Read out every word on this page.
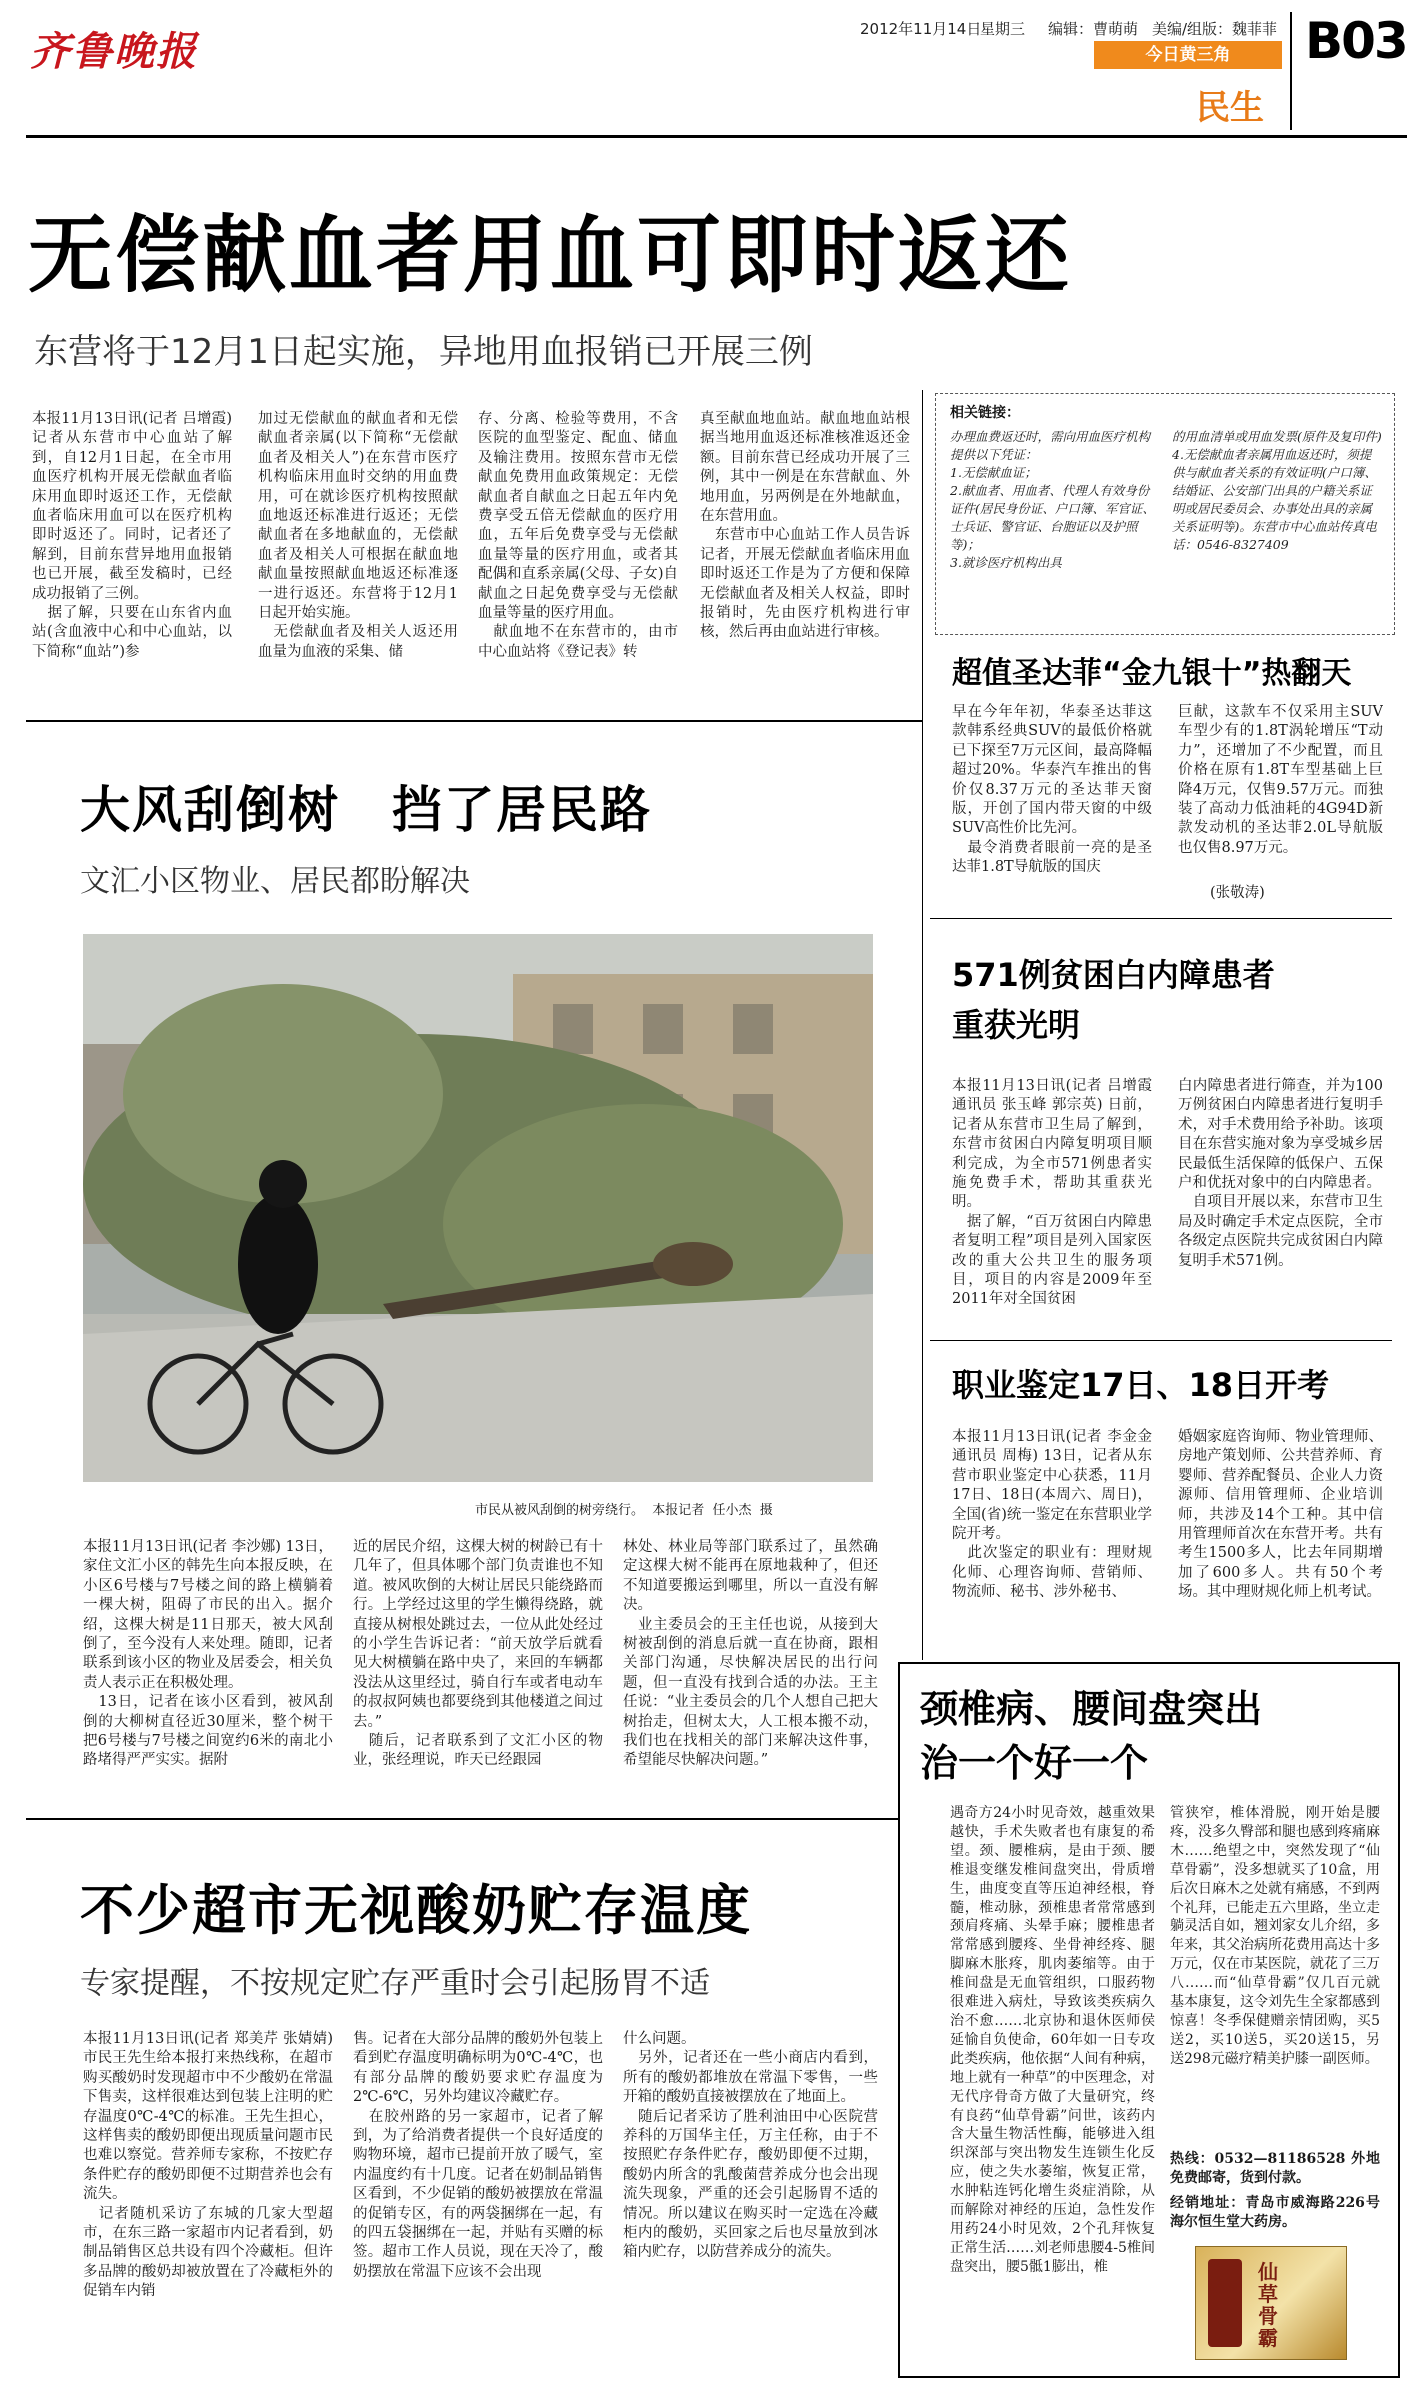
齐鲁晚报	2012年11月14日
星期三 编辑：曹萌萌 美编/组版：魏菲菲
今日黄三角
民生
B03
无偿献血者用血可即时返还
东营将于12月1日起实施，异地用血报销已开展三例
本报11月13日讯(记者 吕增霞) 记者从东营市中心血站了解到，自12月1日起，在全市用血医疗机构开展无偿献血者临床用血即时返还工作，无偿献血者临床用血可以在医疗机构即时返还了。同时，记者还了解到，目前东营异地用血报销也已开展，截至发稿时，已经成功报销了三例。
　据了解，只要在山东省内血站(含血液中心和中心血站，以下简称“血站”)参
加过无偿献血的献血者和无偿献血者亲属(以下简称“无偿献血者及相关人”)在东营市医疗机构临床用血时交纳的用血费用，可在就诊医疗机构按照献血地返还标准进行返还；无偿献血者在多地献血的，无偿献血者及相关人可根据在献血地献血量按照献血地返还标准逐一进行返还。东营将于12月1日起开始实施。
　无偿献血者及相关人返还用血量为血液的采集、储
存、分离、检验等费用，不含医院的血型鉴定、配血、储血及输注费用。按照东营市无偿献血免费用血政策规定：无偿献血者自献血之日起五年内免费享受五倍无偿献血的医疗用血，五年后免费享受与无偿献血量等量的医疗用血，或者其配偶和直系亲属(父母、子女)自献血之日起免费享受与无偿献血量等量的医疗用血。
　献血地不在东营市的，由市中心血站将《登记表》转
真至献血地血站。献血地血站根据当地用血返还标准核准返还金额。目前东营已经成功开展了三例，其中一例是在东营献血、外地用血，另两例是在外地献血，在东营用血。
　东营市中心血站工作人员告诉记者，开展无偿献血者临床用血即时返还工作是为了方便和保障无偿献血者及相关人权益，即时报销时，先由医疗机构进行审核，然后再由血站进行审核。
相关链接：
办理血费返还时，需向用血医疗机构提供以下凭证：
1.无偿献血证；
2.献血者、用血者、代理人有效身份证件(居民身份证、户口簿、军官证、士兵证、警官证、台胞证以及护照等)；
3.就诊医疗机构出具
的用血清单或用血发票(原件及复印件)
4.无偿献血者亲属用血返还时，须提供与献血者关系的有效证明(户口簿、结婚证、公安部门出具的户籍关系证明或居民委员会、办事处出具的亲属关系证明等)。东营市中心血站传真电话：0546-8327409
大风刮倒树　挡了居民路
文汇小区物业、居民都盼解决
市民从被风刮倒的树旁绕行。  本报记者  任小杰  摄
本报11月13日讯(记者 李沙娜) 13日，家住文汇小区的韩先生向本报反映，在小区6号楼与7号楼之间的路上横躺着一棵大树，阻碍了市民的出入。据介绍，这棵大树是11日那天，被大风刮倒了，至今没有人来处理。随即，记者联系到该小区的物业及居委会，相关负责人表示正在积极处理。
　13日，记者在该小区看到，被风刮倒的大柳树直径近30厘米，整个树干把6号楼与7号楼之间宽约6米的南北小路堵得严严实实。据附
近的居民介绍，这棵大树的树龄已有十几年了，但具体哪个部门负责谁也不知道。被风吹倒的大树让居民只能绕路而行。上学经过这里的学生懒得绕路，就直接从树根处跳过去，一位从此处经过的小学生告诉记者：“前天放学后就看见大树横躺在路中央了，来回的车辆都没法从这里经过，骑自行车或者电动车的叔叔阿姨也都要绕到其他楼道之间过去。”
　随后，记者联系到了文汇小区的物业，张经理说，昨天已经跟园
林处、林业局等部门联系过了，虽然确定这棵大树不能再在原地栽种了，但还不知道要搬运到哪里，所以一直没有解决。
　业主委员会的王主任也说，从接到大树被刮倒的消息后就一直在协商，跟相关部门沟通，尽快解决居民的出行问题，但一直没有找到合适的办法。王主任说：“业主委员会的几个人想自己把大树抬走，但树太大，人工根本搬不动，我们也在找相关的部门来解决这件事，希望能尽快解决问题。”
不少超市无视酸奶贮存温度
专家提醒，不按规定贮存严重时会引起肠胃不适
本报11月13日讯(记者 郑美芹 张婧婧) 市民王先生给本报打来热线称，在超市购买酸奶时发现超市中不少酸奶在常温下售卖，这样很难达到包装上注明的贮存温度0℃-4℃的标准。王先生担心，这样售卖的酸奶即便出现质量问题市民也难以察觉。营养师专家称，不按贮存条件贮存的酸奶即便不过期营养也会有流失。
　记者随机采访了东城的几家大型超市，在东三路一家超市内记者看到，奶制品销售区总共设有四个冷藏柜。但许多品牌的酸奶却被放置在了冷藏柜外的促销车内销
售。记者在大部分品牌的酸奶外包装上看到贮存温度明确标明为0℃-4℃，也有部分品牌的酸奶要求贮存温度为2℃-6℃，另外均建议冷藏贮存。
　在胶州路的另一家超市，记者了解到，为了给消费者提供一个良好适度的购物环境，超市已提前开放了暖气，室内温度约有十几度。记者在奶制品销售区看到，不少促销的酸奶被摆放在常温的促销专区，有的两袋捆绑在一起，有的四五袋捆绑在一起，并贴有买赠的标签。超市工作人员说，现在天冷了，酸奶摆放在常温下应该不会出现
什么问题。
　另外，记者还在一些小商店内看到，所有的酸奶都堆放在常温下零售，一些开箱的酸奶直接被摆放在了地面上。
　随后记者采访了胜利油田中心医院营养科的万国华主任，万主任称，由于不按照贮存条件贮存，酸奶即便不过期，酸奶内所含的乳酸菌营养成分也会出现流失现象，严重的还会引起肠胃不适的情况。所以建议在购买时一定选在冷藏柜内的酸奶，买回家之后也尽量放到冰箱内贮存，以防营养成分的流失。
超值圣达菲“金九银十”热翻天
早在今年年初，华泰圣达菲这款韩系经典SUV的最低价格就已下探至7万元区间，最高降幅超过20%。华泰汽车推出的售价仅8.37万元的圣达菲天窗版，开创了国内带天窗的中级SUV高性价比先河。
　最令消费者眼前一亮的是圣达菲1.8T导航版的国庆
巨献，这款车不仅采用主SUV车型少有的1.8T涡轮增压“T动力”，还增加了不少配置，而且价格在原有1.8T车型基础上巨降4万元，仅售9.57万元。而独装了高动力低油耗的4G94D新款发动机的圣达菲2.0L导航版也仅售8.97万元。
(张敬涛)
571例贫困白内障患者
重获光明
本报11月13日讯(记者 吕增霞 通讯员 张玉峰 郭宗英) 日前，记者从东营市卫生局了解到，东营市贫困白内障复明项目顺利完成，为全市571例患者实施免费手术，帮助其重获光明。
　据了解，“百万贫困白内障患者复明工程”项目是列入国家医改的重大公共卫生的服务项目，项目的内容是2009年至2011年对全国贫困
白内障患者进行筛查，并为100万例贫困白内障患者进行复明手术，对手术费用给予补助。该项目在东营实施对象为享受城乡居民最低生活保障的低保户、五保户和优抚对象中的白内障患者。
　自项目开展以来，东营市卫生局及时确定手术定点医院，全市各级定点医院共完成贫困白内障复明手术571例。
职业鉴定17日、18日开考
本报11月13日讯(记者 李金金 通讯员 周梅) 13日，记者从东营市职业鉴定中心获悉，11月17日、18日(本周六、周日)，全国(省)统一鉴定在东营职业学院开考。
　此次鉴定的职业有：理财规化师、心理咨询师、营销师、物流师、秘书、涉外秘书、
婚姻家庭咨询师、物业管理师、房地产策划师、公共营养师、育婴师、营养配餐员、企业人力资源师、信用管理师、企业培训师，共涉及14个工种。其中信用管理师首次在东营开考。共有考生1500多人，比去年同期增加了600多人。共有50个考场。其中理财规化师上机考试。
颈椎病、腰间盘突出
治一个好一个
遇奇方24小时见奇效，越重效果越快，手术失败者也有康复的希望。颈、腰椎病，是由于颈、腰椎退变继发椎间盘突出，骨质增生，曲度变直等压迫神经根，脊髓，椎动脉，颈椎患者常常感到颈肩疼痛、头晕手麻；腰椎患者常常感到腰疼、坐骨神经疼、腿脚麻木胀疼，肌肉萎缩等。由于椎间盘是无血管组织，口服药物很难进入病灶，导致该类疾病久治不愈……北京协和退休医师侯延愉自负使命，60年如一日专攻此类疾病，他依据“人间有种病，地上就有一种草”的中医理念，对无代序骨奇方做了大量研究，终有良药“仙草骨霸”问世，该药内含大量生物活性酶，能够进入组织深部与突出物发生连锁生化反应，使之失水萎缩，恢复正常，水肿粘连钙化增生炎症消除，从而解除对神经的压迫，急性发作用药24小时见效，2个孔拜恢复正常生活……刘老师患腰4-5椎间盘突出，腰5骶1膨出，椎
管狭窄，椎体滑脱，刚开始是腰疼，没多久臀部和腿也感到疼痛麻木……绝望之中，突然发现了“仙草骨霸”，没多想就买了10盒，用后次日麻木之处就有痛感，不到两个礼拜，已能走五六里路，坐立走躺灵活自如，翘刘家女儿介绍，多年来，其父治病所花费用高达十多万元，仅在市某医院，就花了三万八……而“仙草骨霸”仅几百元就基本康复，这令刘先生全家都感到惊喜！冬季保健赠亲情团购，买5送2，买10送5，买20送15，另送298元磁疗精美护膝一副医师。
热线：0532—81186528 外地免费邮寄，货到付款。
经销地址：青岛市威海路226号海尔恒生堂大药房。
仙草骨霸
